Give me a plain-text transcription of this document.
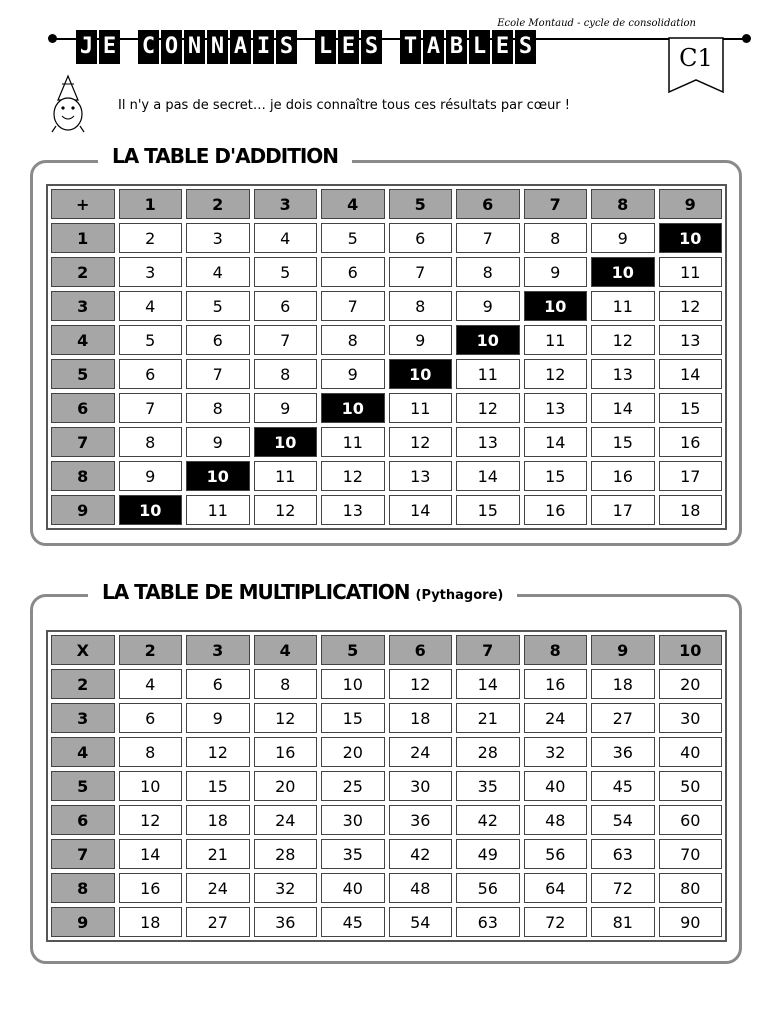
Ecole Montaud - cycle de consolidation
J E C O N N A I S L E S T A B L E S	C1
Il n'y a pas de secret… je dois connaître tous ces résultats par cœur !
LA TABLE D'ADDITION
+	1	2	3	4	5	6	7	8	9
1	2	3	4	5	6	7	8	9	10
2	3	4	5	6	7	8	9	10	11
3	4	5	6	7	8	9	10	11	12
4	5	6	7	8	9	10	11	12	13
5	6	7	8	9	10	11	12	13	14
6	7	8	9	10	11	12	13	14	15
7	8	9	10	11	12	13	14	15	16
8	9	10	11	12	13	14	15	16	17
9	10	11	12	13	14	15	16	17	18
LA TABLE DE MULTIPLICATION (Pythagore)
X	2	3	4	5	6	7	8	9	10
2	4	6	8	10	12	14	16	18	20
3	6	9	12	15	18	21	24	27	30
4	8	12	16	20	24	28	32	36	40
5	10	15	20	25	30	35	40	45	50
6	12	18	24	30	36	42	48	54	60
7	14	21	28	35	42	49	56	63	70
8	16	24	32	40	48	56	64	72	80
9	18	27	36	45	54	63	72	81	90
